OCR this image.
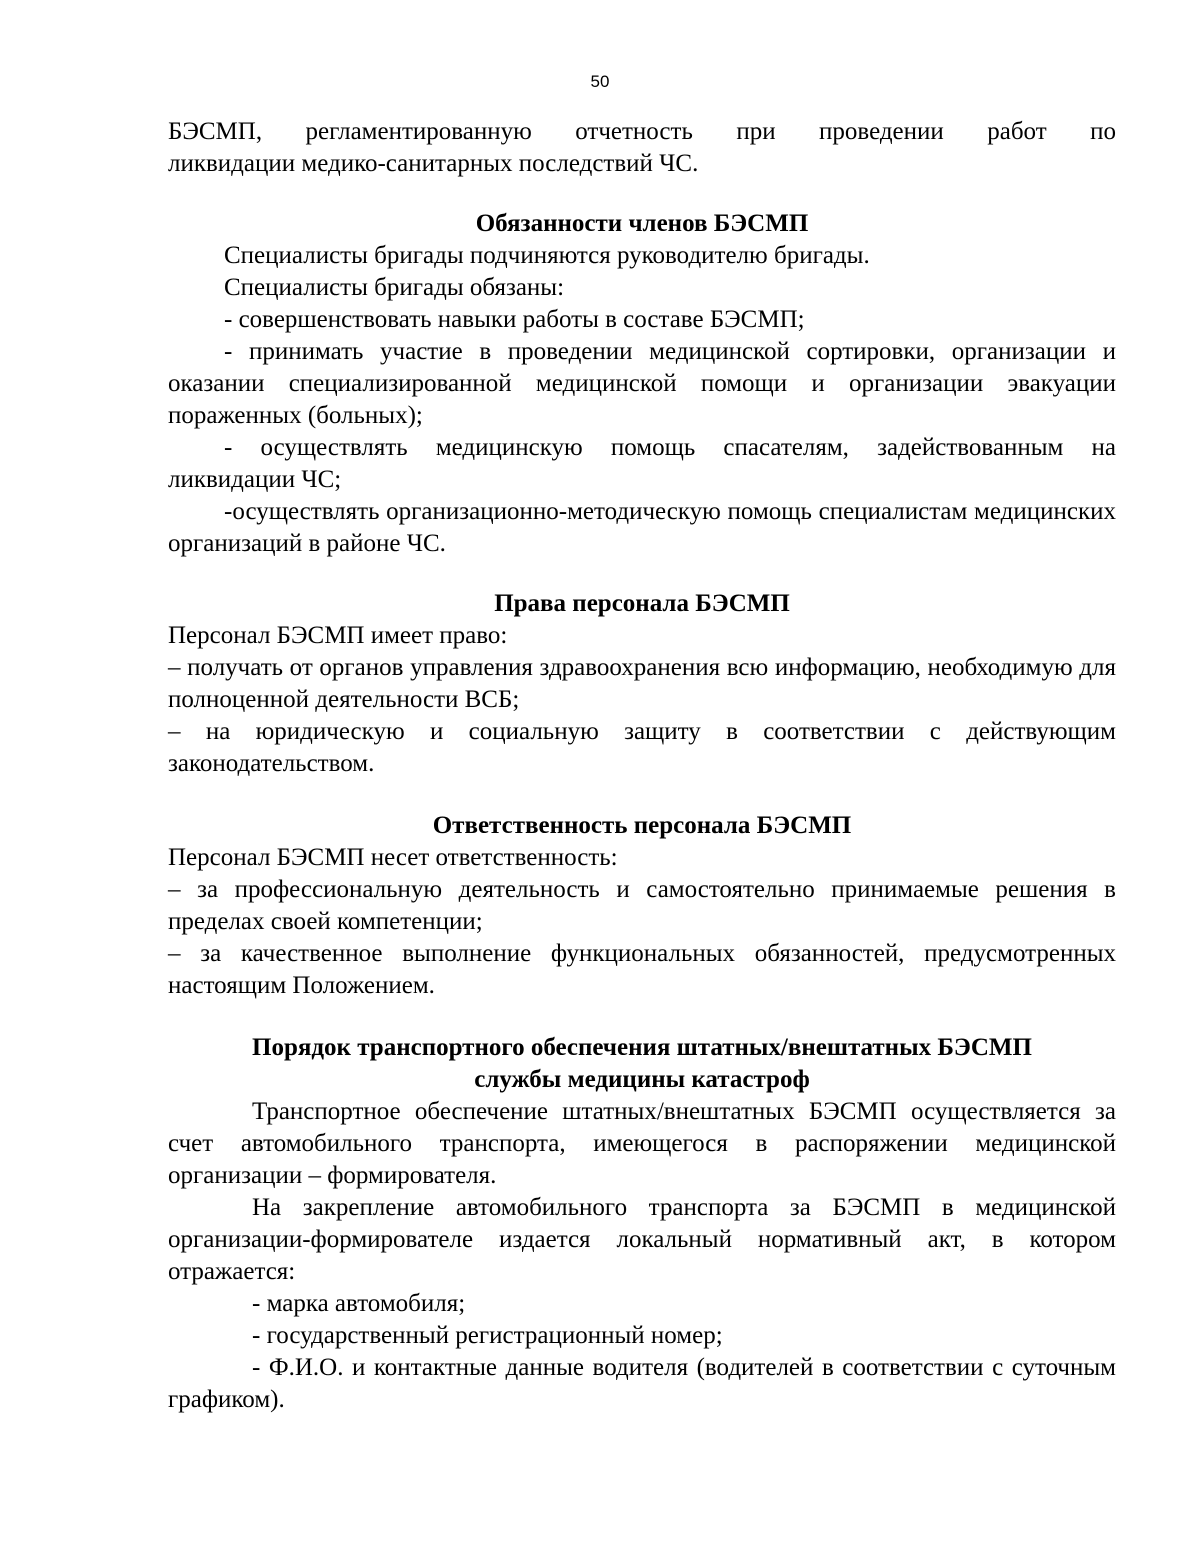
50

БЭСМП, регламентированную отчетность при проведении работ по

ликвидации медико-санитарных последствий ЧС.

Обязанности членов БЭСМП

Специалисты бригады подчиняются руководителю бригады.

Специалисты бригады обязаны:

- совершенствовать навыки работы в составе БЭСМП;

- принимать участие в проведении медицинской сортировки, организации и оказании специализированной медицинской помощи и организации эвакуации пораженных (больных);

- осуществлять медицинскую помощь спасателям, задействованным на ликвидации ЧС;

-осуществлять организационно-методическую помощь специалистам медицинских организаций в районе ЧС.

Права персонала БЭСМП

Персонал БЭСМП имеет право:

– получать от органов управления здравоохранения всю информацию, необходимую для полноценной деятельности ВСБ;

– на юридическую и социальную защиту в соответствии с действующим законодательством.

Ответственность персонала БЭСМП

Персонал БЭСМП несет ответственность:

– за профессиональную деятельность и самостоятельно принимаемые решения в пределах своей компетенции;

– за качественное выполнение функциональных обязанностей, предусмотренных настоящим Положением.

Порядок транспортного обеспечения штатных/внештатных БЭСМП
службы медицины катастроф

Транспортное обеспечение штатных/внештатных БЭСМП осуществляется за счет автомобильного транспорта, имеющегося в распоряжении медицинской организации – формирователя.

На закрепление автомобильного транспорта за БЭСМП в медицинской организации-формирователе издается локальный нормативный акт, в котором отражается:

- марка автомобиля;

- государственный регистрационный номер;

- Ф.И.О. и контактные данные водителя (водителей в соответствии с суточным графиком).
